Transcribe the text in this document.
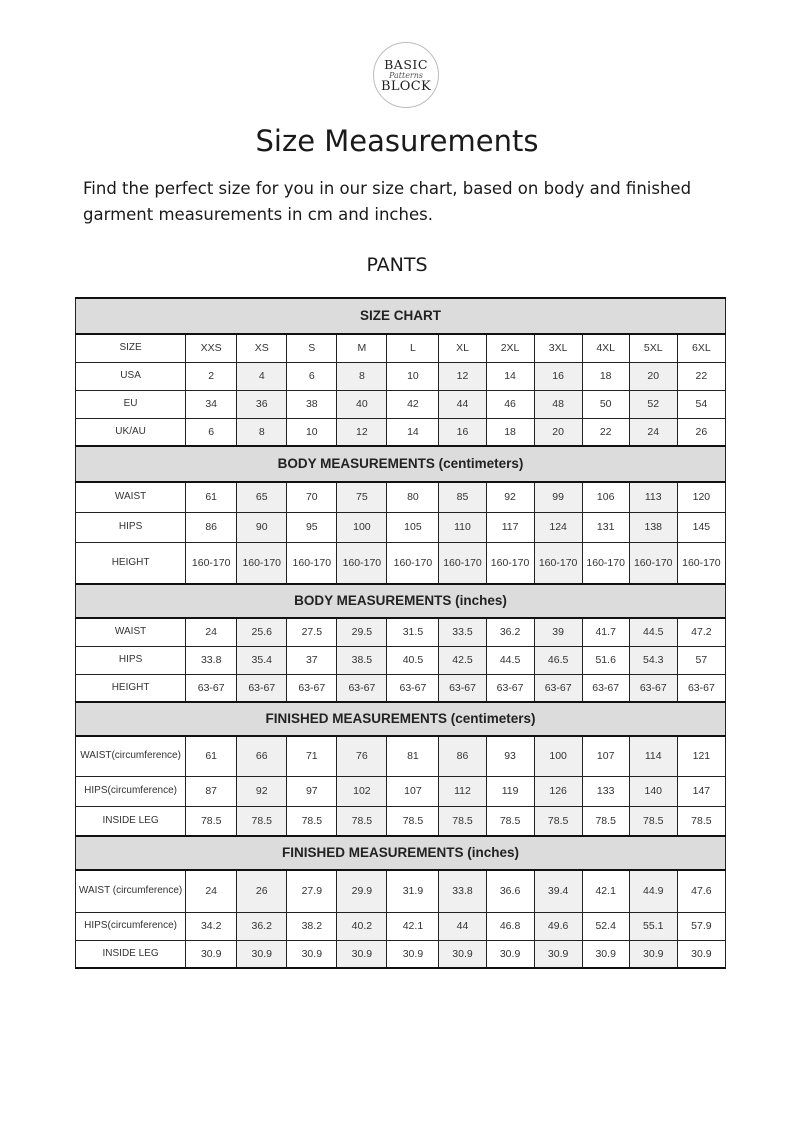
BASIC
Patterns
BLOCK
Size Measurements
Find the perfect size for you in our size chart, based on body and finished garment measurements in cm and inches.
PANTS
SIZE CHART											
SIZE	XXS	XS	S	M	L	XL	2XL	3XL	4XL	5XL	6XL
USA	2	4	6	8	10	12	14	16	18	20	22
EU	34	36	38	40	42	44	46	48	50	52	54
UK/AU	6	8	10	12	14	16	18	20	22	24	26
BODY MEASUREMENTS (centimeters)											
WAIST	61	65	70	75	80	85	92	99	106	113	120
HIPS	86	90	95	100	105	110	117	124	131	138	145
HEIGHT	160-170	160-170	160-170	160-170	160-170	160-170	160-170	160-170	160-170	160-170	160-170
BODY MEASUREMENTS (inches)											
WAIST	24	25.6	27.5	29.5	31.5	33.5	36.2	39	41.7	44.5	47.2
HIPS	33.8	35.4	37	38.5	40.5	42.5	44.5	46.5	51.6	54.3	57
HEIGHT	63-67	63-67	63-67	63-67	63-67	63-67	63-67	63-67	63-67	63-67	63-67
FINISHED MEASUREMENTS (centimeters)											
WAIST(circumference)	61	66	71	76	81	86	93	100	107	114	121
HIPS(circumference)	87	92	97	102	107	112	119	126	133	140	147
INSIDE LEG	78.5	78.5	78.5	78.5	78.5	78.5	78.5	78.5	78.5	78.5	78.5
FINISHED MEASUREMENTS (inches)											
WAIST (circumference)	24	26	27.9	29.9	31.9	33.8	36.6	39.4	42.1	44.9	47.6
HIPS(circumference)	34.2	36.2	38.2	40.2	42.1	44	46.8	49.6	52.4	55.1	57.9
INSIDE LEG	30.9	30.9	30.9	30.9	30.9	30.9	30.9	30.9	30.9	30.9	30.9
